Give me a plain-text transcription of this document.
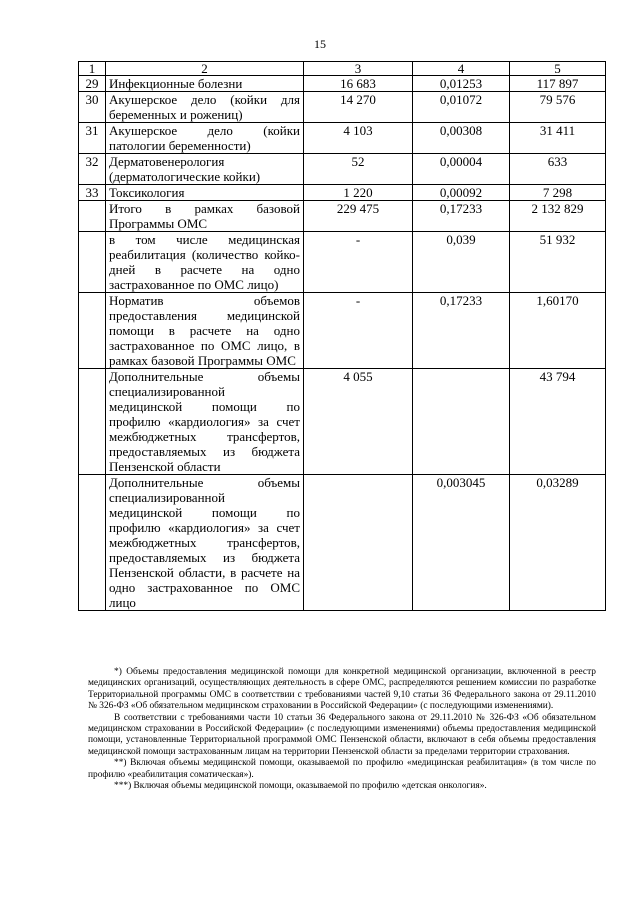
15
1	2	3	4	5
29	Инфекционные болезни	16 683	0,01253	117 897
30	Акушерское дело (койки для беременных и рожениц)	14 270	0,01072	79 576
31	Акушерское дело (койки патологии беременности)	4 103	0,00308	31 411
32	Дерматовенерология (дерматологические койки)	52	0,00004	633
33	Токсикология	1 220	0,00092	7 298
	Итого в рамках базовой Программы ОМС	229 475	0,17233	2 132 829
	в том числе медицинская реабилитация (количество койко-дней в расчете на одно застрахованное по ОМС лицо)	-	0,039	51 932
	Норматив объемов предоставления медицинской помощи в расчете на одно застрахованное по ОМС лицо, в рамках базовой Программы ОМС	-	0,17233	1,60170
	Дополнительные объемы специализированной медицинской помощи по профилю «кардиология» за счет межбюджетных трансфертов, предоставляемых из бюджета Пензенской области	4 055		43 794
	Дополнительные объемы специализированной медицинской помощи по профилю «кардиология» за счет межбюджетных трансфертов, предоставляемых из бюджета Пензенской области, в расчете на одно застрахованное по ОМС лицо		0,003045	0,03289

*) Объемы предоставления медицинской помощи для конкретной медицинской организации, включенной в реестр медицинских организаций, осуществляющих деятельность в сфере ОМС, распределяются решением комиссии по разработке Территориальной программы ОМС в соответствии с требованиями частей 9,10 статьи 36 Федерального закона от 29.11.2010 № 326-ФЗ «Об обязательном медицинском страховании в Российской Федерации» (с последующими изменениями).

В соответствии с требованиями части 10 статьи 36 Федерального закона от 29.11.2010 № 326-ФЗ «Об обязательном медицинском страховании в Российской Федерации» (с последующими изменениями) объемы предоставления медицинской помощи, установленные Территориальной программой ОМС Пензенской области, включают в себя объемы предоставления медицинской помощи застрахованным лицам на территории Пензенской области за пределами территории страхования.

**) Включая объемы медицинской помощи, оказываемой по профилю «медицинская реабилитация» (в том числе по профилю «реабилитация соматическая»).

***) Включая объемы медицинской помощи, оказываемой по профилю «детская онкология».
